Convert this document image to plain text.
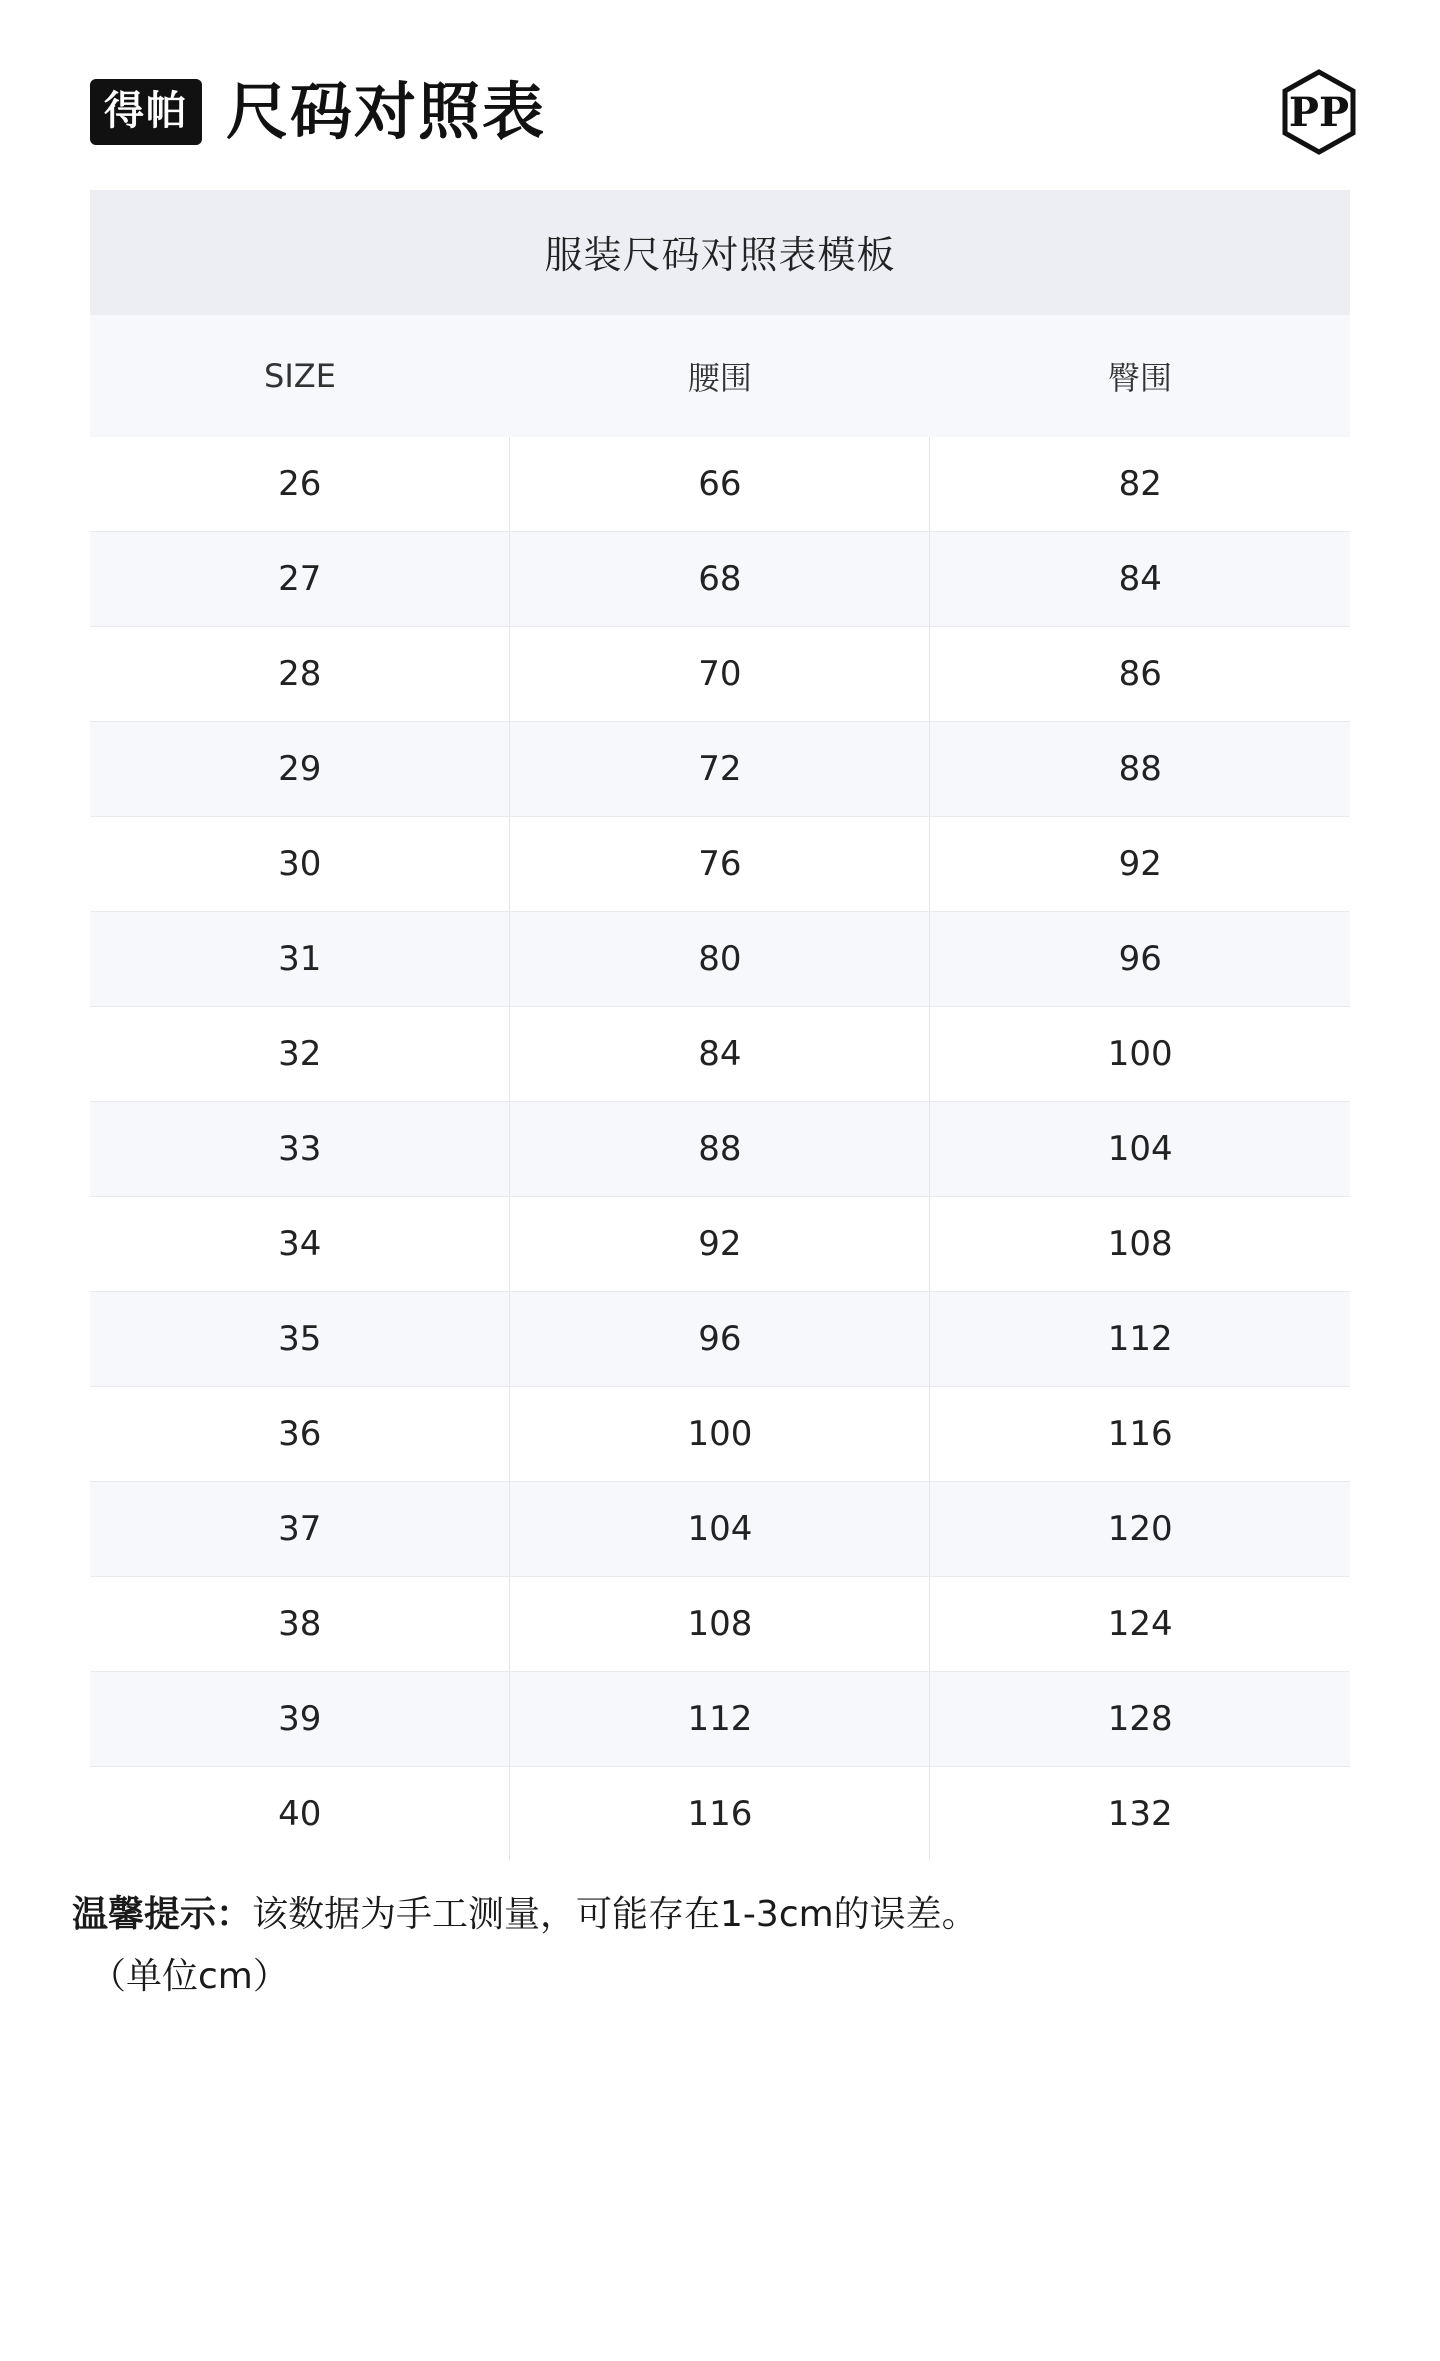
得帕 尺码对照表	PP
服装尺码对照表模板
SIZE	腰围	臀围
26	66	82
27	68	84
28	70	86
29	72	88
30	76	92
31	80	96
32	84	100
33	88	104
34	92	108
35	96	112
36	100	116
37	104	120
38	108	124
39	112	128
40	116	132
温馨提示：该数据为手工测量，可能存在1-3cm的误差。
（单位cm）
